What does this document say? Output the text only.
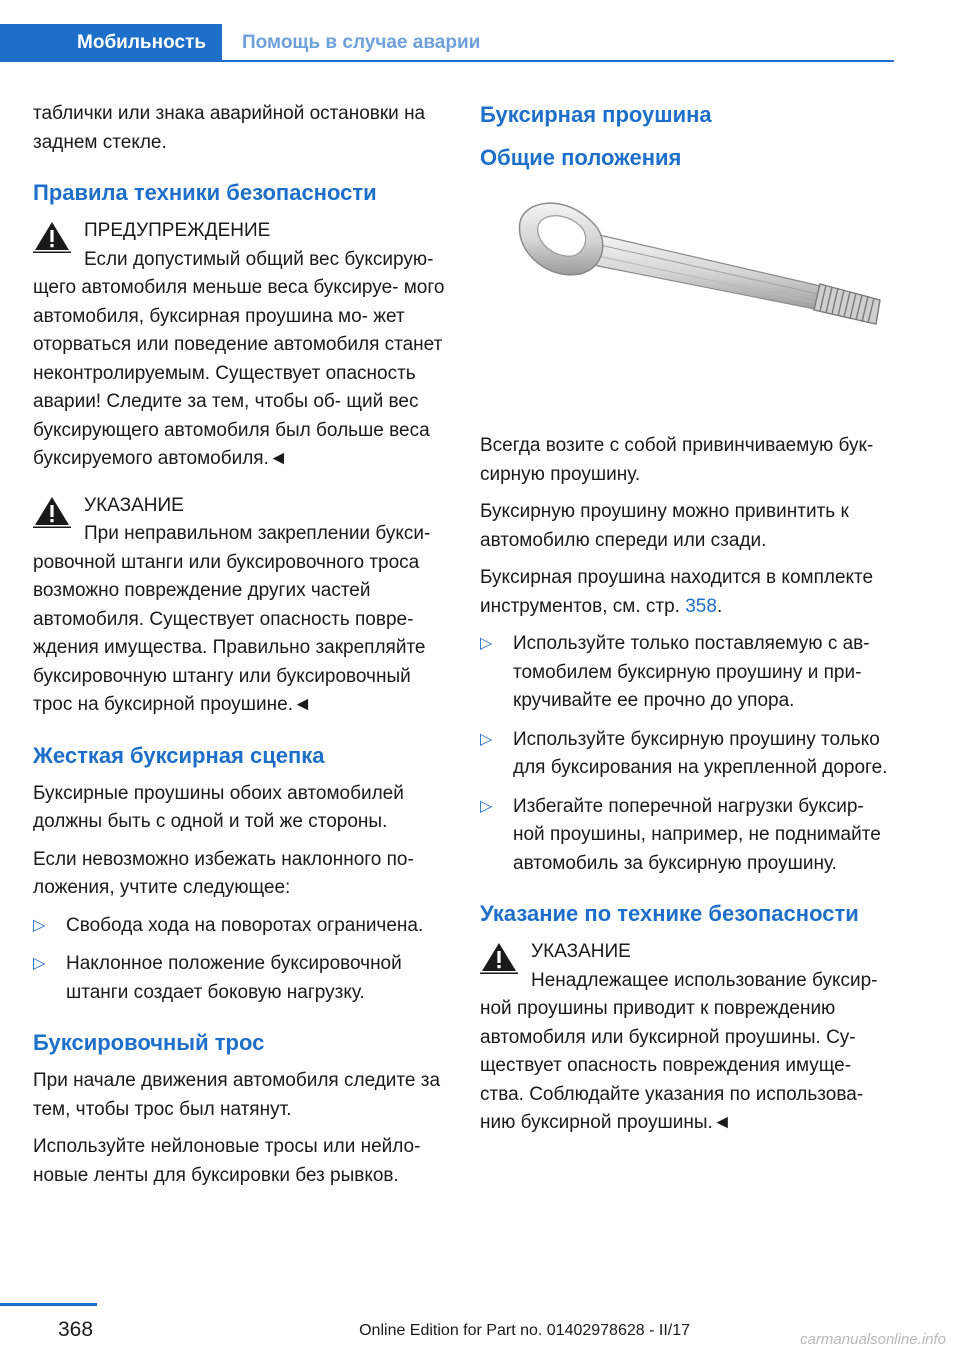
Мобильность	Помощь в случае аварии

таблички или знака аварийной остановки на заднем стекле.

Правила техники безопасности
ПРЕДУПРЕЖДЕНИЕ
Если допустимый общий вес буксирую-
щего автомобиля меньше веса буксируе- мого автомобиля, буксирная проушина мо- жет оторваться или поведение автомобиля станет неконтролируемым. Существует опасность аварии! Следите за тем, чтобы об- щий вес буксирующего автомобиля был больше веса буксируемого автомобиля.◄
УКАЗАНИЕ
При неправильном закреплении букси-
ровочной штанги или буксировочного троса возможно повреждение других частей автомобиля. Существует опасность повре- ждения имущества. Правильно закрепляйте буксировочную штангу или буксировочный трос на буксирной проушине.◄
Жесткая буксирная сцепка

Буксирные проушины обоих автомобилей должны быть с одной и той же стороны.

Если невозможно избежать наклонного по- ложения, учтите следующее:

▷ Свобода хода на поворотах ограничена.
▷ Наклонное положение буксировочной штанги создает боковую нагрузку.
Буксировочный трос

При начале движения автомобиля следите за тем, чтобы трос был натянут.

Используйте нейлоновые тросы или нейло- новые ленты для буксировки без рывков.

Буксирная проушина
Общие положения

Всегда возите с собой привинчиваемую бук- сирную проушину.

Буксирную проушину можно привинтить к автомобилю спереди или сзади.

Буксирная проушина находится в комплекте инструментов, см. стр. 358.

▷ Используйте только поставляемую с ав- томобилем буксирную проушину и при- кручивайте ее прочно до упора.
▷ Используйте буксирную проушину только для буксирования на укрепленной дороге.
▷ Избегайте поперечной нагрузки буксир- ной проушины, например, не поднимайте автомобиль за буксирную проушину.
Указание по технике безопасности
УКАЗАНИЕ
Ненадлежащее использование буксир-
ной проушины приводит к повреждению автомобиля или буксирной проушины. Су- ществует опасность повреждения имуще- ства. Соблюдайте указания по использова- нию буксирной проушины.◄
368	Online Edition for Part no. 01402978628 - II/17
carmanualsonline.info
